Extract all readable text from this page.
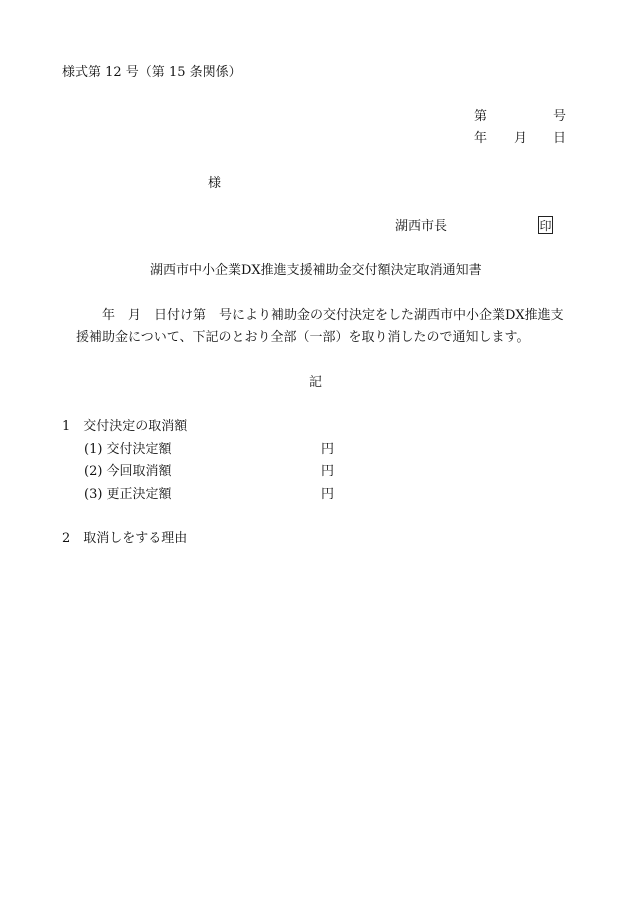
様式第 12 号（第 15 条関係）
第	号
年 月 日
様
湖西市長	印
湖西市中小企業DX推進支援補助金交付額決定取消通知書
年　月　日付け第　号により補助金の交付決定をした湖西市中小企業DX推進支
援補助金について、下記のとおり全部（一部）を取り消したので通知します。
記
1　交付決定の取消額
(1) 交付決定額	円
(2) 今回取消額	円
(3) 更正決定額	円
2　取消しをする理由
